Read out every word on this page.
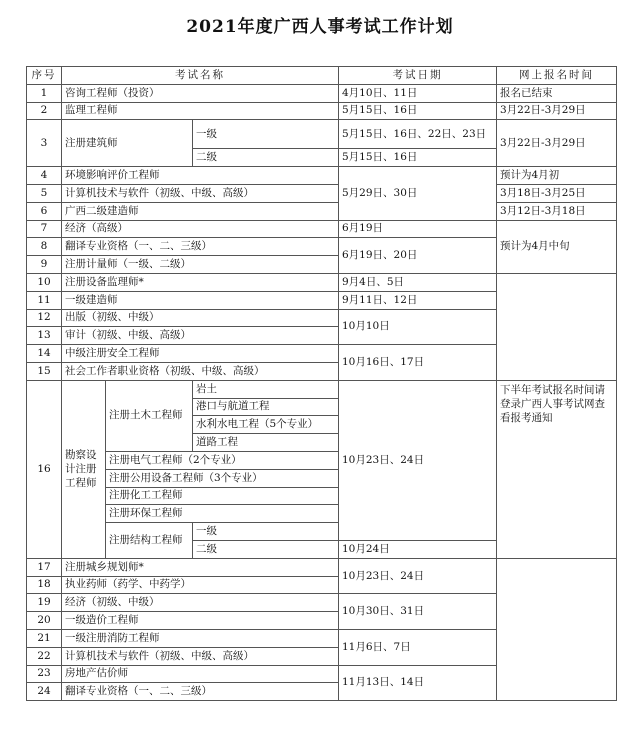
2021年度广西人事考试工作计划
序号	考试名称			考试日期	网上报名时间
1	咨询工程师（投资）			4月10日、11日	报名已结束
2	监理工程师			5月15日、16日	3月22日-3月29日
3	注册建筑师		一级	5月15日、16日、22日、23日	3月22日-3月29日
			二级	5月15日、16日	
4	环境影响评价工程师			5月29日、30日	预计为4月初
5	计算机技术与软件（初级、中级、高级）				3月18日-3月25日
6	广西二级建造师				3月12日-3月18日
7	经济（高级）			6月19日	预计为4月中旬
8	翻译专业资格（一、二、三级）			6月19日、20日	
9	注册计量师（一级、二级）				
10	注册设备监理师*			9月4日、5日	
11	一级建造师			9月11日、12日	
12	出版（初级、中级）			10月10日	
13	审计（初级、中级、高级）				
14	中级注册安全工程师			10月16日、17日	
15	社会工作者职业资格（初级、中级、高级）				
16	勘察设计注册工程师	注册土木工程师	岩土	10月23日、24日	下半年考试报名时间请登录广西人事考试网查看报考通知
			港口与航道工程		
			水利水电工程（5个专业）		
			道路工程		
		注册电气工程师（2个专业）			
		注册公用设备工程师（3个专业）			
		注册化工工程师			
		注册环保工程师			
		注册结构工程师	一级		
			二级	10月24日	
17	注册城乡规划师*			10月23日、24日	
18	执业药师（药学、中药学）				
19	经济（初级、中级）			10月30日、31日	
20	一级造价工程师				
21	一级注册消防工程师			11月6日、7日	
22	计算机技术与软件（初级、中级、高级）				
23	房地产估价师			11月13日、14日	
24	翻译专业资格（一、二、三级）				
